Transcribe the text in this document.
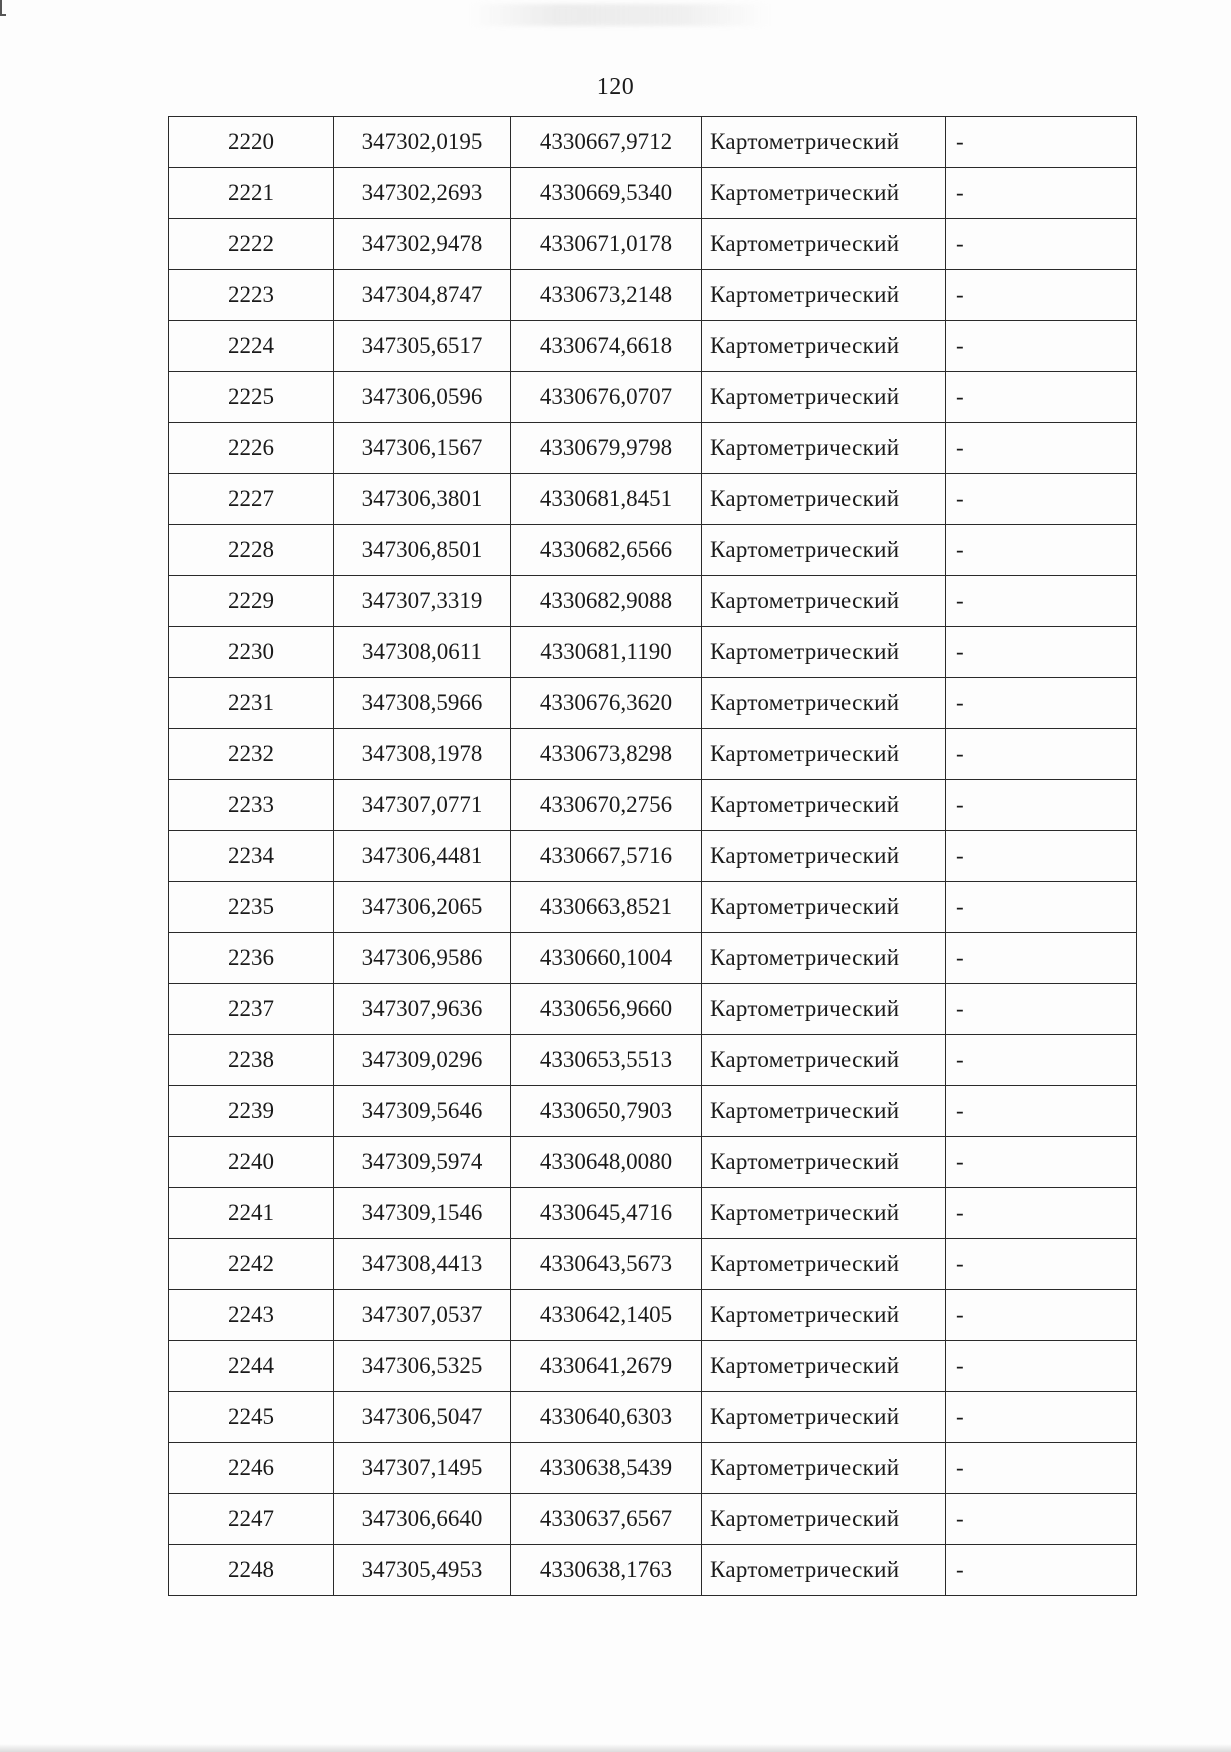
120
2220	347302,0195	4330667,9712	Картометрический	-
2221	347302,2693	4330669,5340	Картометрический	-
2222	347302,9478	4330671,0178	Картометрический	-
2223	347304,8747	4330673,2148	Картометрический	-
2224	347305,6517	4330674,6618	Картометрический	-
2225	347306,0596	4330676,0707	Картометрический	-
2226	347306,1567	4330679,9798	Картометрический	-
2227	347306,3801	4330681,8451	Картометрический	-
2228	347306,8501	4330682,6566	Картометрический	-
2229	347307,3319	4330682,9088	Картометрический	-
2230	347308,0611	4330681,1190	Картометрический	-
2231	347308,5966	4330676,3620	Картометрический	-
2232	347308,1978	4330673,8298	Картометрический	-
2233	347307,0771	4330670,2756	Картометрический	-
2234	347306,4481	4330667,5716	Картометрический	-
2235	347306,2065	4330663,8521	Картометрический	-
2236	347306,9586	4330660,1004	Картометрический	-
2237	347307,9636	4330656,9660	Картометрический	-
2238	347309,0296	4330653,5513	Картометрический	-
2239	347309,5646	4330650,7903	Картометрический	-
2240	347309,5974	4330648,0080	Картометрический	-
2241	347309,1546	4330645,4716	Картометрический	-
2242	347308,4413	4330643,5673	Картометрический	-
2243	347307,0537	4330642,1405	Картометрический	-
2244	347306,5325	4330641,2679	Картометрический	-
2245	347306,5047	4330640,6303	Картометрический	-
2246	347307,1495	4330638,5439	Картометрический	-
2247	347306,6640	4330637,6567	Картометрический	-
2248	347305,4953	4330638,1763	Картометрический	-
